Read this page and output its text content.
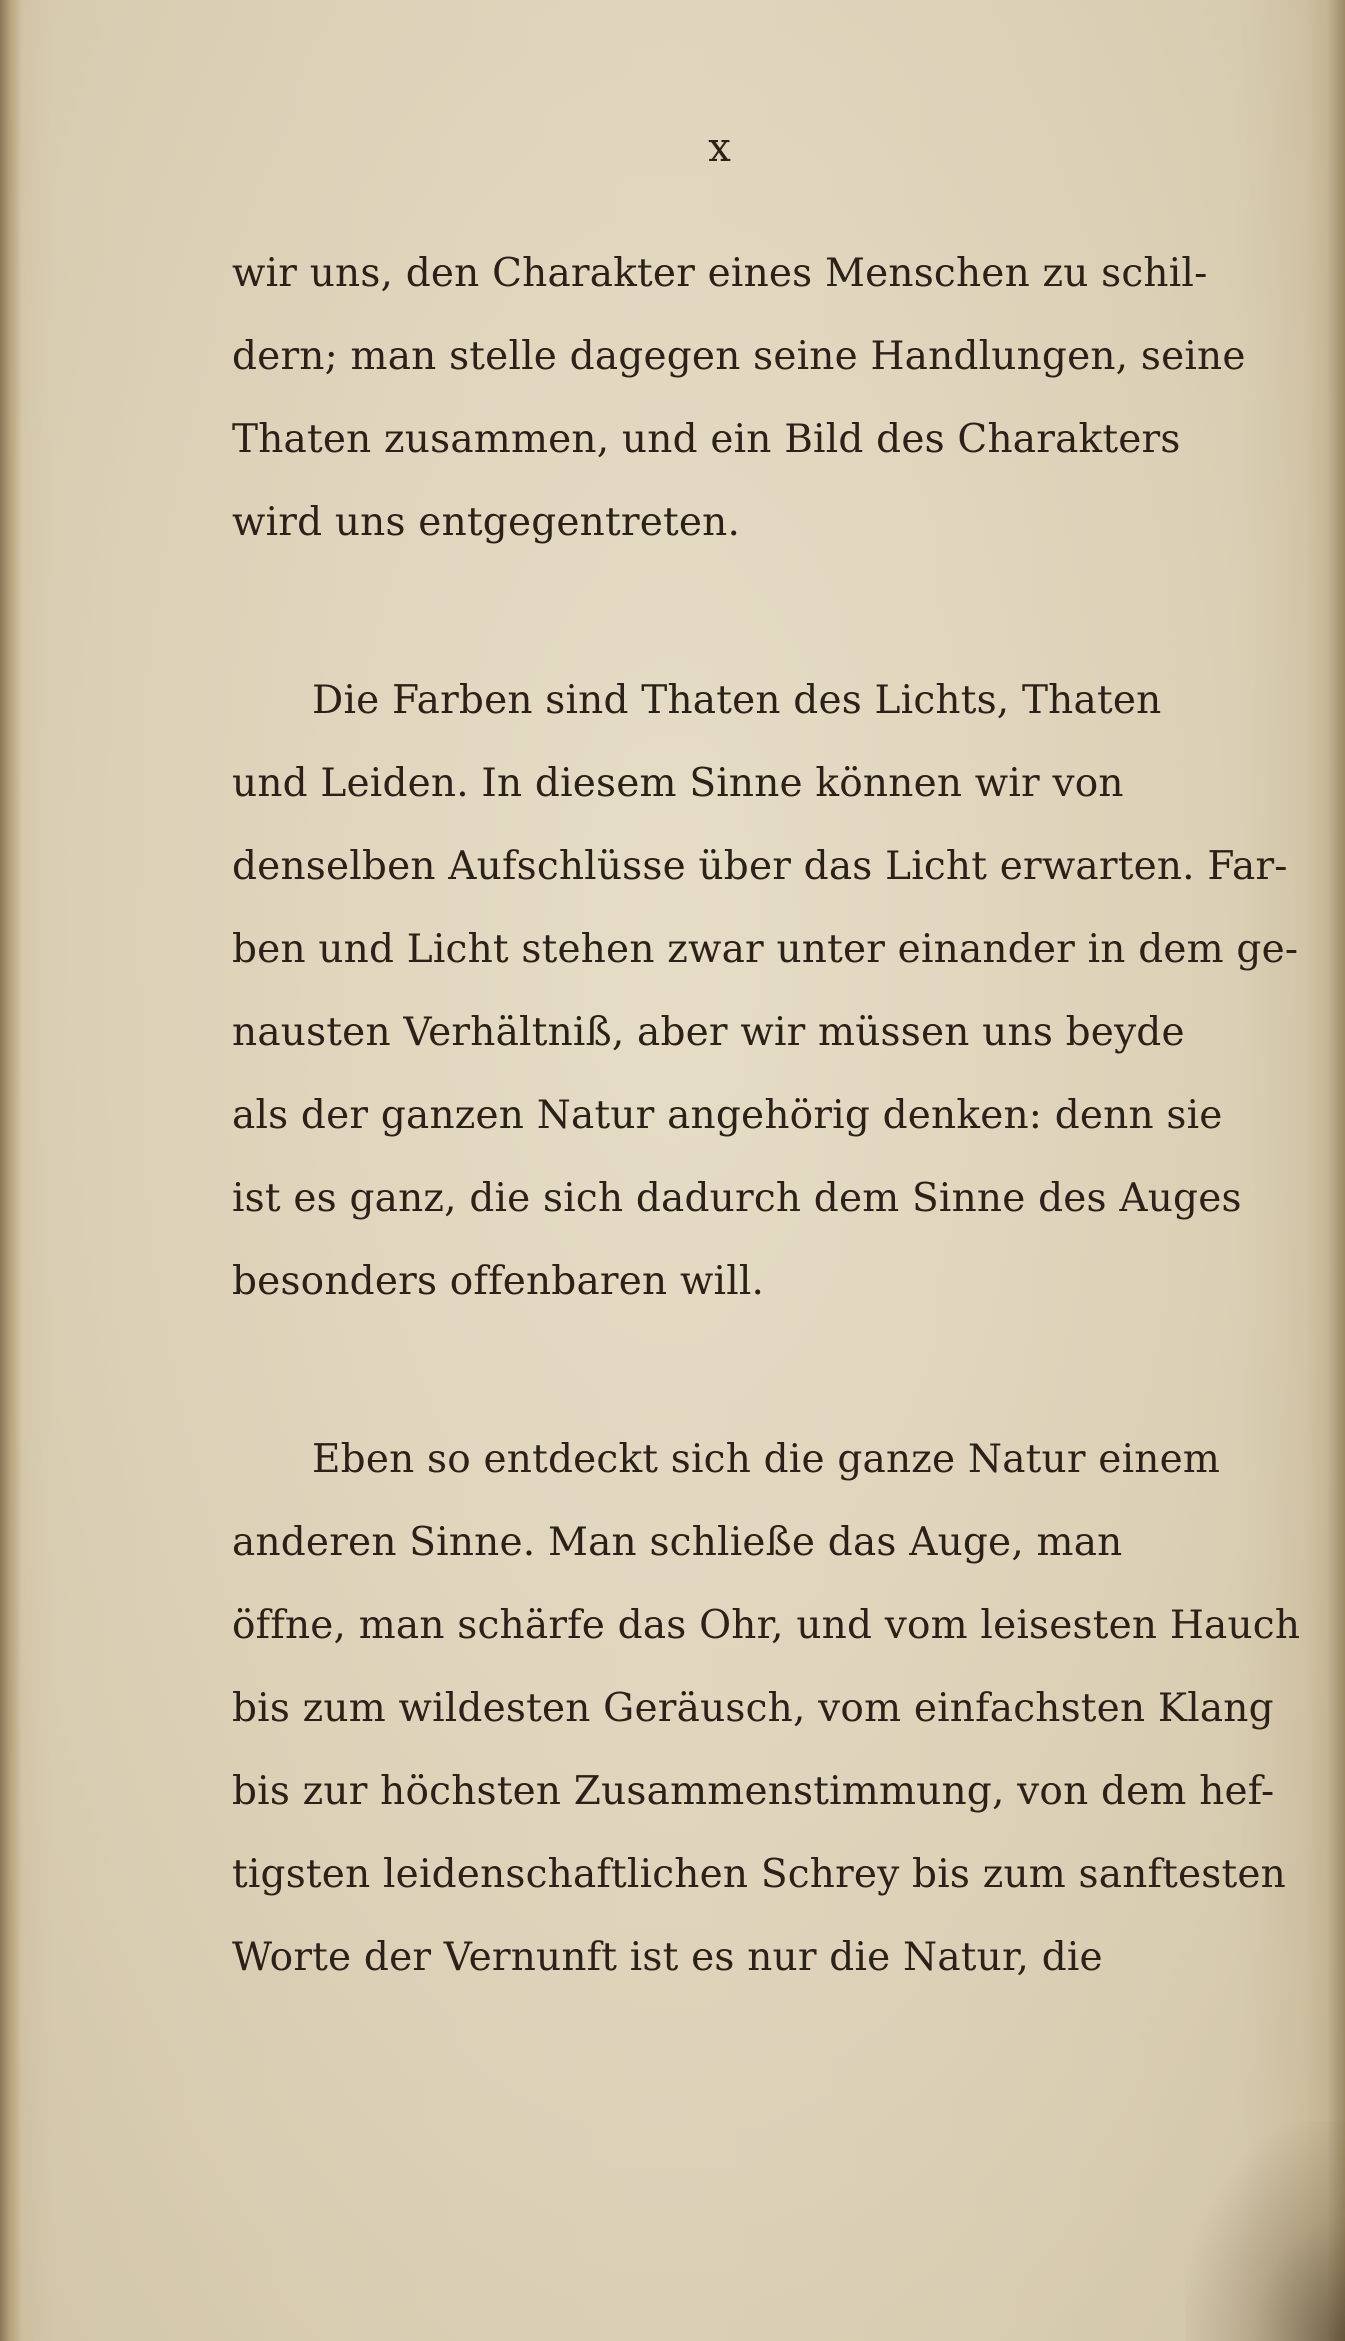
x
wir uns, den Charakter eines Menschen zu schil-
dern; man stelle dagegen seine Handlungen, seine
Thaten zusammen, und ein Bild des Charakters
wird uns entgegentreten.
Die Farben sind Thaten des Lichts, Thaten
und Leiden. In diesem Sinne können wir von
denselben Aufschlüsse über das Licht erwarten. Far-
ben und Licht stehen zwar unter einander in dem ge-
nausten Verhältniß, aber wir müssen uns beyde
als der ganzen Natur angehörig denken: denn sie
ist es ganz, die sich dadurch dem Sinne des Auges
besonders offenbaren will.
Eben so entdeckt sich die ganze Natur einem
anderen Sinne. Man schließe das Auge, man
öffne, man schärfe das Ohr, und vom leisesten Hauch
bis zum wildesten Geräusch, vom einfachsten Klang
bis zur höchsten Zusammenstimmung, von dem hef-
tigsten leidenschaftlichen Schrey bis zum sanftesten
Worte der Vernunft ist es nur die Natur, die
